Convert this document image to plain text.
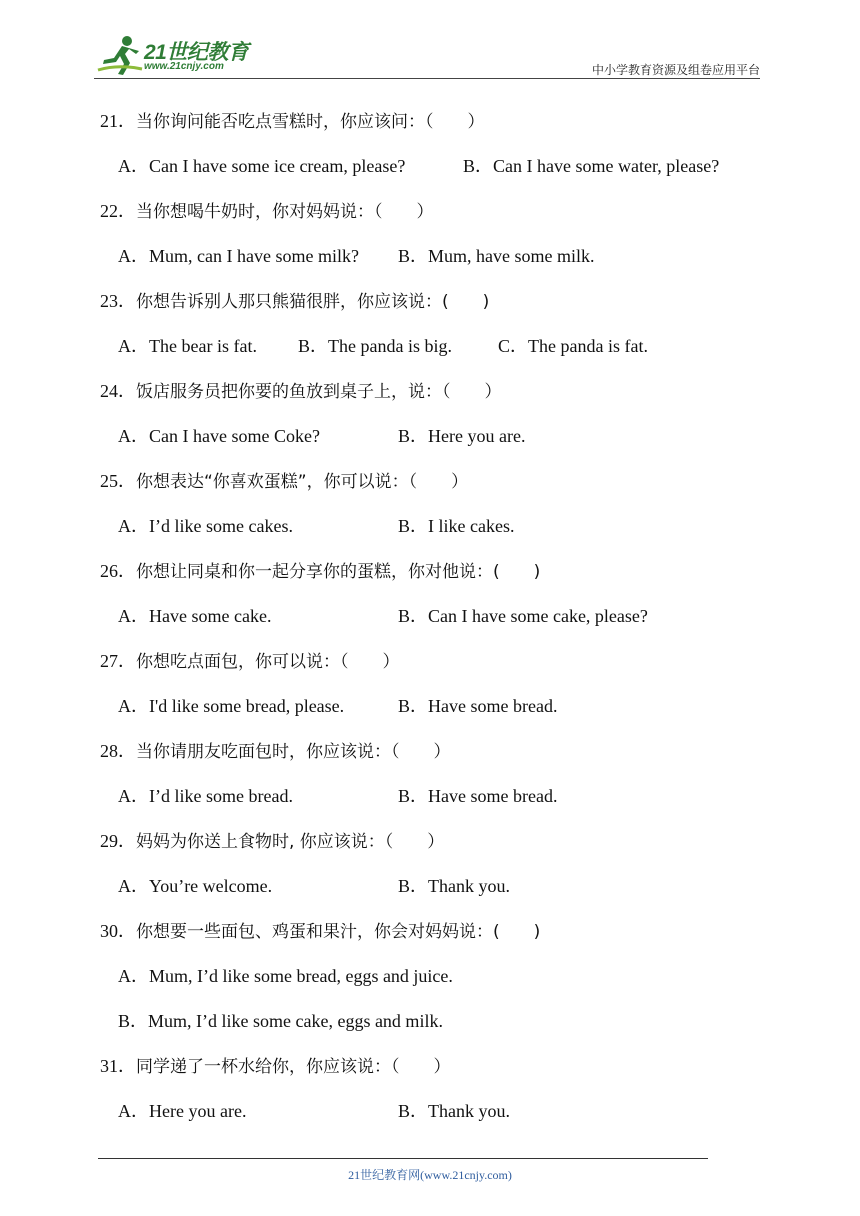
21世纪教育
www.21cnjy.com	中小学教育资源及组卷应用平台
21．当你询问能否吃点雪糕时，你应该问：（　　）
A．Can I have some ice cream, please?	B．Can I have some water, please?
22．当你想喝牛奶时，你对妈妈说：（　　）
A．Mum, can I have some milk? B．Mum, have some milk.
23．你想告诉别人那只熊猫很胖，你应该说：(　　)
A．The bear is fat. B．The panda is big.	C．The panda is fat.
24．饭店服务员把你要的鱼放到桌子上，说：（　　）
A．Can I have some Coke?	B．Here you are.
25．你想表达“你喜欢蛋糕”，你可以说：（　　）
A．I’d like some cakes.	B．I like cakes.
26．你想让同桌和你一起分享你的蛋糕，你对他说：(　　)
A．Have some cake.	B．Can I have some cake, please?
27．你想吃点面包，你可以说：（　　）
A．I'd like some bread, please.	B．Have some bread.
28．当你请朋友吃面包时，你应该说：（　　）
A．I’d like some bread.	B．Have some bread.
29．妈妈为你送上食物时, 你应该说：（　　）
A．You’re welcome.	B．Thank you.
30．你想要一些面包、鸡蛋和果汁，你会对妈妈说：(　　)
A．Mum, I’d like some bread, eggs and juice.
B．Mum, I’d like some cake, eggs and milk.
31．同学递了一杯水给你，你应该说：（　　）
A．Here you are.	B．Thank you.
21世纪教育网(www.21cnjy.com)
